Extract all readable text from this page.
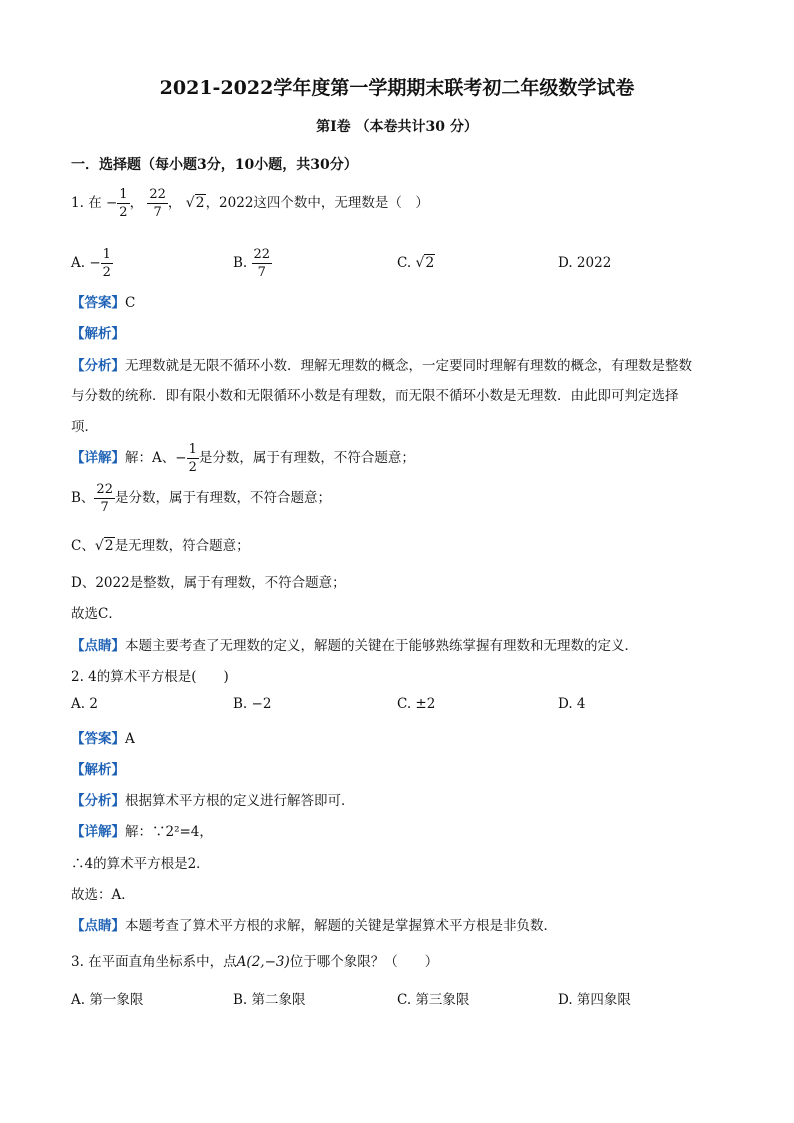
2021-2022学年度第一学期期末联考初二年级数学试卷
第Ⅰ卷 （本卷共计30 分）
一．选择题（每小题3分，10小题，共30分）
1. 在 − $\frac{1}{2}$ ， $\frac{22}{7}$ ， √2，2022这四个数中，无理数是（　）
A. − $\frac{1}{2}$	B. $\frac{22}{7}$	C. √2	D. 2022
【答案】C
【解析】
【分析】无理数就是无限不循环小数．理解无理数的概念，一定要同时理解有理数的概念，有理数是整数
与分数的统称．即有限小数和无限循环小数是有理数，而无限不循环小数是无理数．由此即可判定选择
项．
【详解】解：A、− $\frac{1}{2}$ 是分数，属于有理数，不符合题意；
B、 $\frac{22}{7}$ 是分数，属于有理数，不符合题意；
C、√2是无理数，符合题意；
D、2022是整数，属于有理数，不符合题意；
故选C．
【点睛】本题主要考查了无理数的定义，解题的关键在于能够熟练掌握有理数和无理数的定义．
2. 4的算术平方根是(　　)
A. 2	B. −2	C. ±2	D. 4
【答案】A
【解析】
【分析】根据算术平方根的定义进行解答即可．
【详解】解：∵2²=4，
∴4的算术平方根是2．
故选：A．
【点睛】本题考查了算术平方根的求解，解题的关键是掌握算术平方根是非负数．
3. 在平面直角坐标系中，点A(2,−3)位于哪个象限？（　　）
A. 第一象限	B. 第二象限	C. 第三象限	D. 第四象限
